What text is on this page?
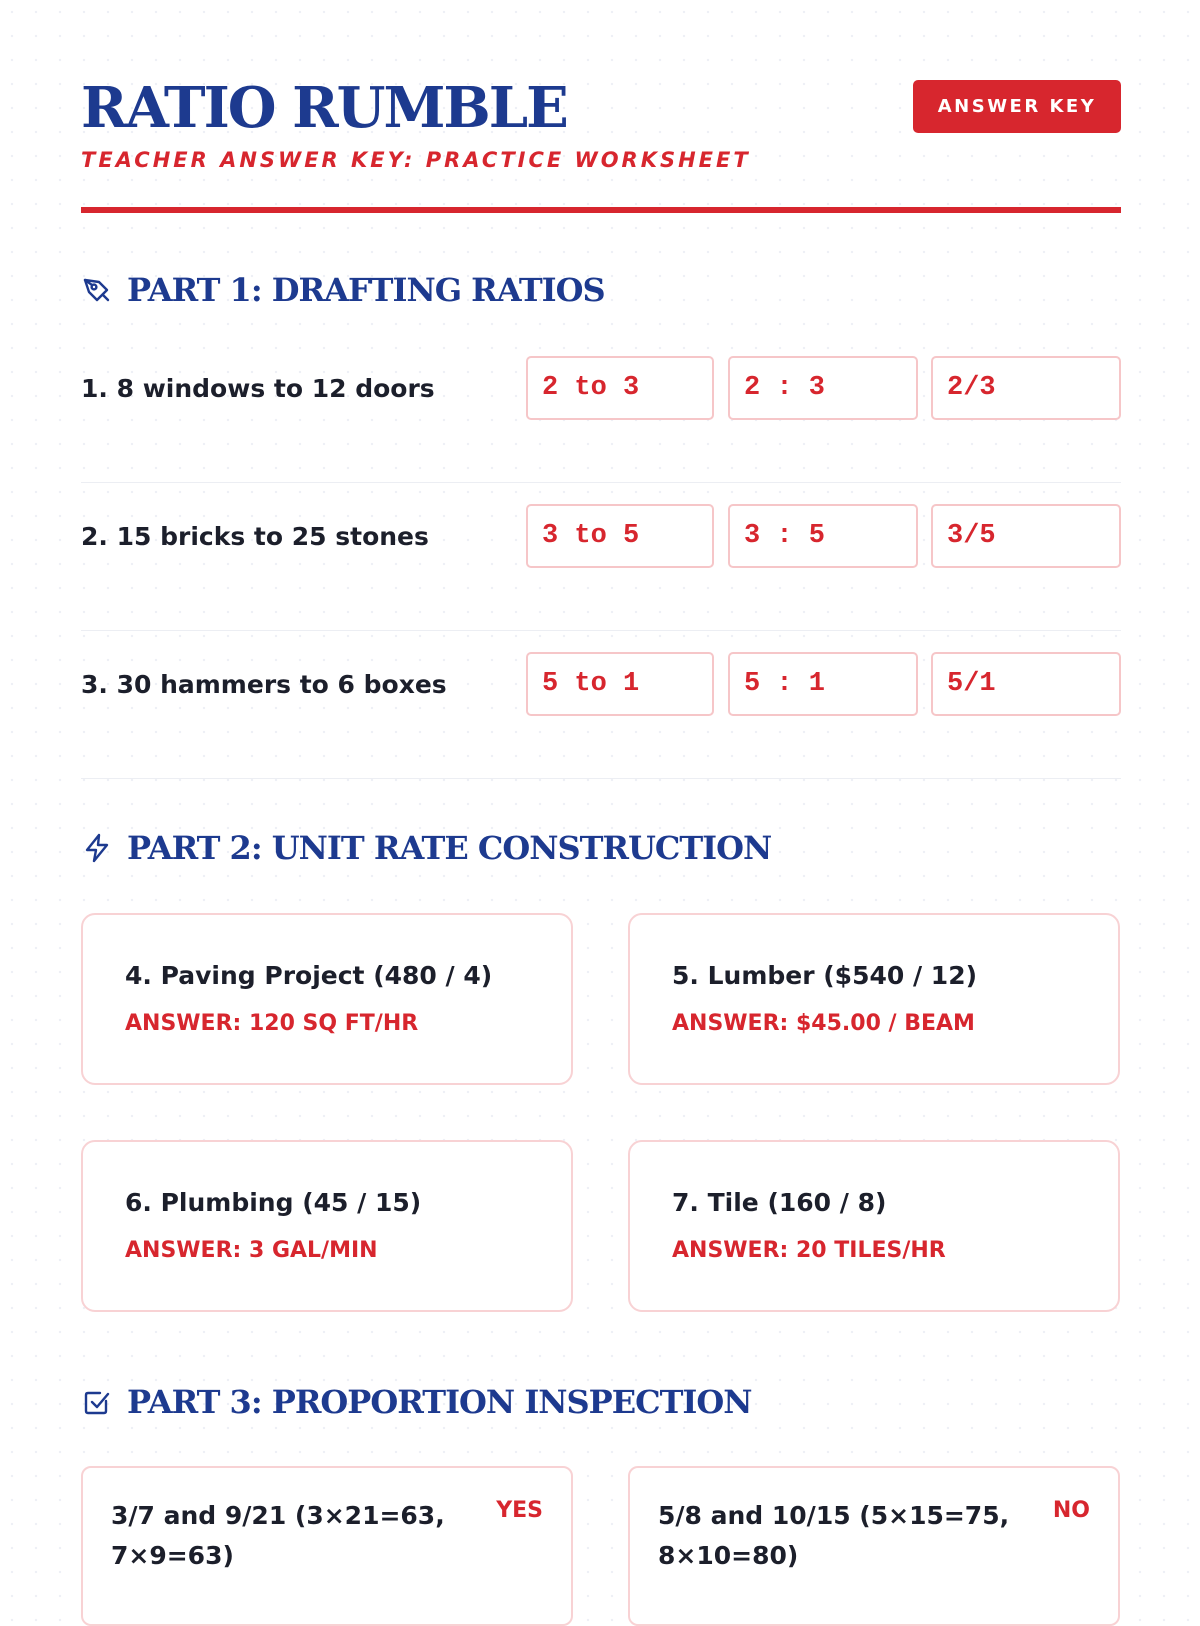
RATIO RUMBLE
TEACHER ANSWER KEY: PRACTICE WORKSHEET
ANSWER KEY
PART 1: DRAFTING RATIOS
1. 8 windows to 12 doors	2 to 3	2 : 3	2/3
2. 15 bricks to 25 stones	3 to 5	3 : 5	3/5
3. 30 hammers to 6 boxes	5 to 1	5 : 1	5/1
PART 2: UNIT RATE CONSTRUCTION
4. Paving Project (480 / 4)
ANSWER: 120 SQ FT/HR
5. Lumber ($540 / 12)
ANSWER: $45.00 / BEAM
6. Plumbing (45 / 15)
ANSWER: 3 GAL/MIN
7. Tile (160 / 8)
ANSWER: 20 TILES/HR
PART 3: PROPORTION INSPECTION
3/7 and 9/21 (3×21=63, 7×9=63)
YES	5/8 and 10/15 (5×15=75, 8×10=80)
NO
